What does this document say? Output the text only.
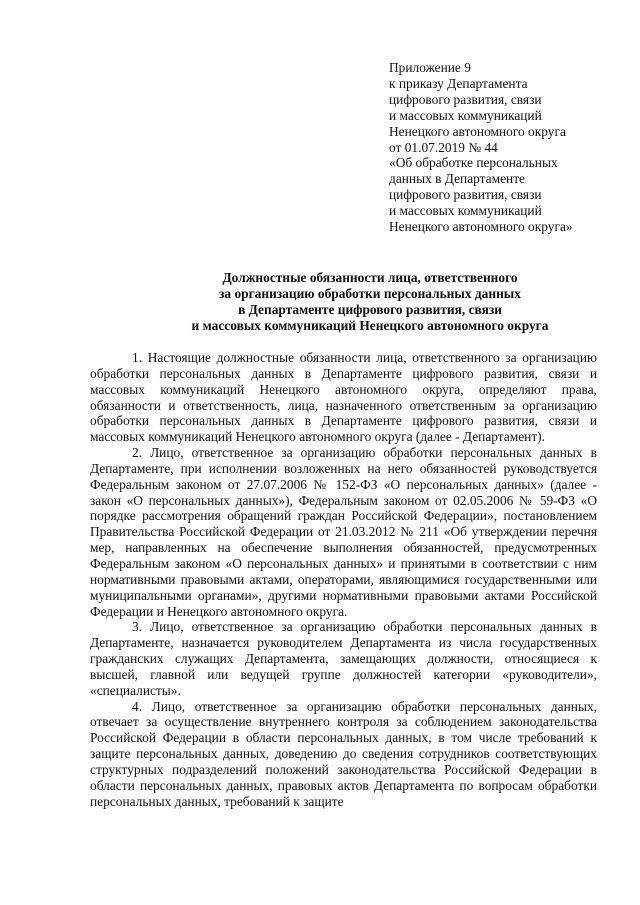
Приложение 9
к приказу Департамента
цифрового развития, связи
и массовых коммуникаций
Ненецкого автономного округа
от 01.07.2019 № 44
«Об обработке персональных
данных в Департаменте
цифрового развития, связи
и массовых коммуникаций
Ненецкого автономного округа»
Должностные обязанности лица, ответственного
за организацию обработки персональных данных
в Департаменте цифрового развития, связи
и массовых коммуникаций Ненецкого автономного округа

1. Настоящие должностные обязанности лица, ответственного за организацию обработки персональных данных в Департаменте цифрового развития, связи и массовых коммуникаций Ненецкого автономного округа, определяют права, обязанности и ответственность, лица, назначенного ответственным за организацию обработки персональных данных в Департаменте цифрового развития, связи и массовых коммуникаций Ненецкого автономного округа (далее - Департамент).

2. Лицо, ответственное за организацию обработки персональных данных в Департаменте, при исполнении возложенных на него обязанностей руководствуется Федеральным законом от 27.07.2006 № 152-ФЗ «О персональных данных» (далее - закон «О персональных данных»), Федеральным законом от 02.05.2006 № 59-ФЗ «О порядке рассмотрения обращений граждан Российской Федерации», постановлением Правительства Российской Федерации от 21.03.2012 № 211 «Об утверждении перечня мер, направленных на обеспечение выполнения обязанностей, предусмотренных Федеральным законом «О персональных данных» и принятыми в соответствии с ним нормативными правовыми актами, операторами, являющимися государственными или муниципальными органами», другими нормативными правовыми актами Российской Федерации и Ненецкого автономного округа.

3. Лицо, ответственное за организацию обработки персональных данных в Департаменте, назначается руководителем Департамента из числа государственных гражданских служащих Департамента, замещающих должности, относящиеся к высшей, главной или ведущей группе должностей категории «руководители», «специалисты».

4. Лицо, ответственное за организацию обработки персональных данных, отвечает за осуществление внутреннего контроля за соблюдением законодательства Российской Федерации в области персональных данных, в том числе требований к защите персональных данных, доведению до сведения сотрудников соответствующих структурных подразделений положений законодательства Российской Федерации в области персональных данных, правовых актов Департамента по вопросам обработки персональных данных, требований к защите
